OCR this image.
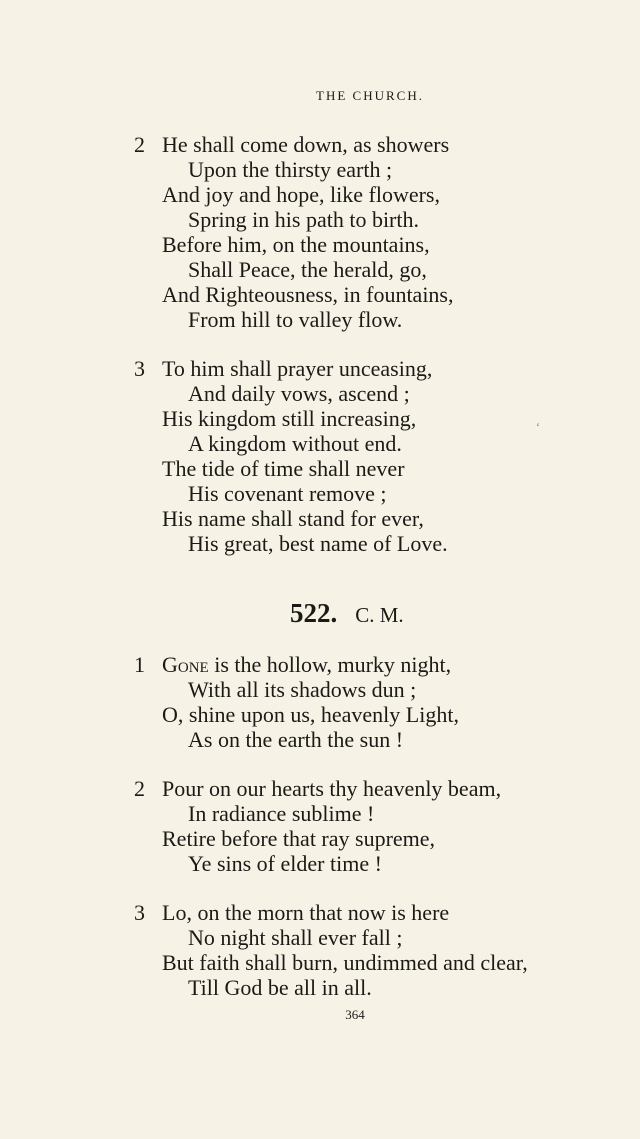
THE CHURCH.
2 He shall come down, as showers
Upon the thirsty earth ;
And joy and hope, like flowers,
Spring in his path to birth.
Before him, on the mountains,
Shall Peace, the herald, go,
And Righteousness, in fountains,
From hill to valley flow.
3 To him shall prayer unceasing,
And daily vows, ascend ;
His kingdom still increasing,
A kingdom without end.
The tide of time shall never
His covenant remove ;
His name shall stand for ever,
His great, best name of Love.
‘
522. C. M.
1 Gone is the hollow, murky night,
With all its shadows dun ;
O, shine upon us, heavenly Light,
As on the earth the sun !
2 Pour on our hearts thy heavenly beam,
In radiance sublime !
Retire before that ray supreme,
Ye sins of elder time !
3 Lo, on the morn that now is here
No night shall ever fall ;
But faith shall burn, undimmed and clear,
Till God be all in all.
364
